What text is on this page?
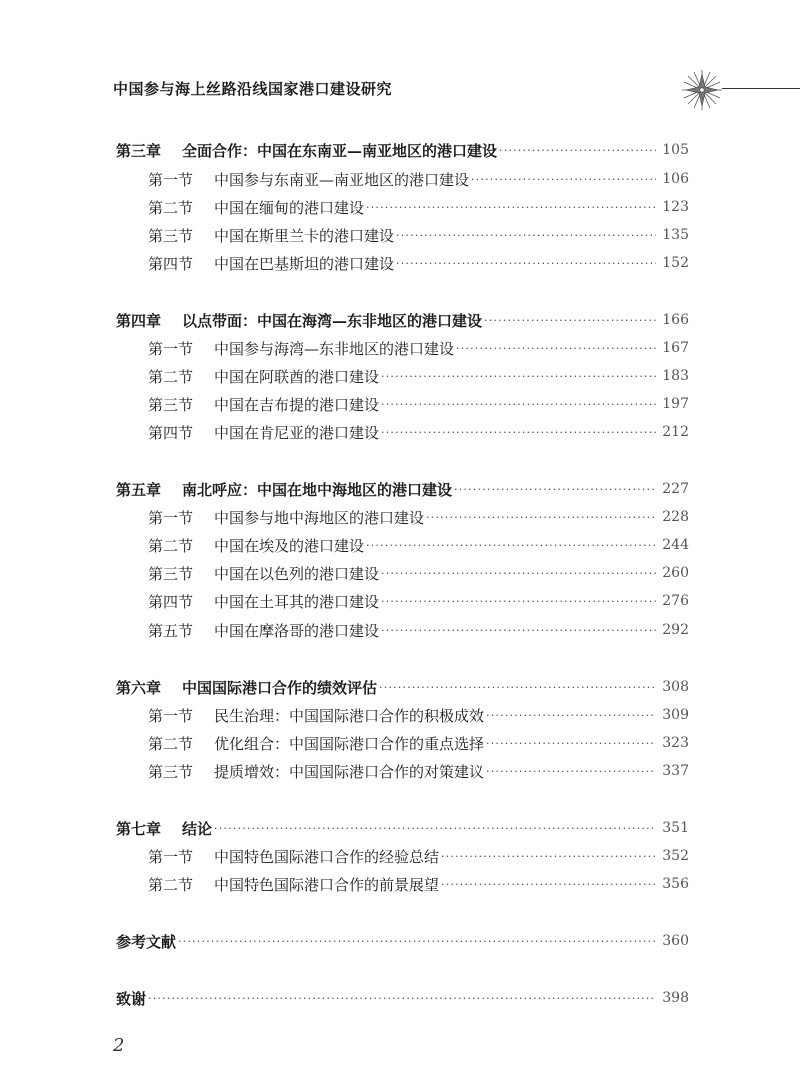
中国参与海上丝路沿线国家港口建设研究
第三章	全面合作：中国在东南亚—南亚地区的港口建设 ·····	105
第一节	中国参与东南亚—南亚地区的港口建设 ·····	106
第二节	中国在缅甸的港口建设 ·····	123
第三节	中国在斯里兰卡的港口建设 ·····	135
第四节	中国在巴基斯坦的港口建设 ·····	152
第四章	以点带面：中国在海湾—东非地区的港口建设 ·····	166
第一节	中国参与海湾—东非地区的港口建设 ·····	167
第二节	中国在阿联酋的港口建设 ·····	183
第三节	中国在吉布提的港口建设 ·····	197
第四节	中国在肯尼亚的港口建设 ·····	212
第五章	南北呼应：中国在地中海地区的港口建设 ·····	227
第一节	中国参与地中海地区的港口建设 ·····	228
第二节	中国在埃及的港口建设 ·····	244
第三节	中国在以色列的港口建设 ·····	260
第四节	中国在土耳其的港口建设 ·····	276
第五节	中国在摩洛哥的港口建设 ·····	292
第六章	中国国际港口合作的绩效评估 ·····	308
第一节	民生治理：中国国际港口合作的积极成效 ·····	309
第二节	优化组合：中国国际港口合作的重点选择 ·····	323
第三节	提质增效：中国国际港口合作的对策建议 ·····	337
第七章	结论 ·····	351
第一节	中国特色国际港口合作的经验总结 ·····	352
第二节	中国特色国际港口合作的前景展望 ·····	356
参考文献 ·····	360
致谢 ·····	398
2
